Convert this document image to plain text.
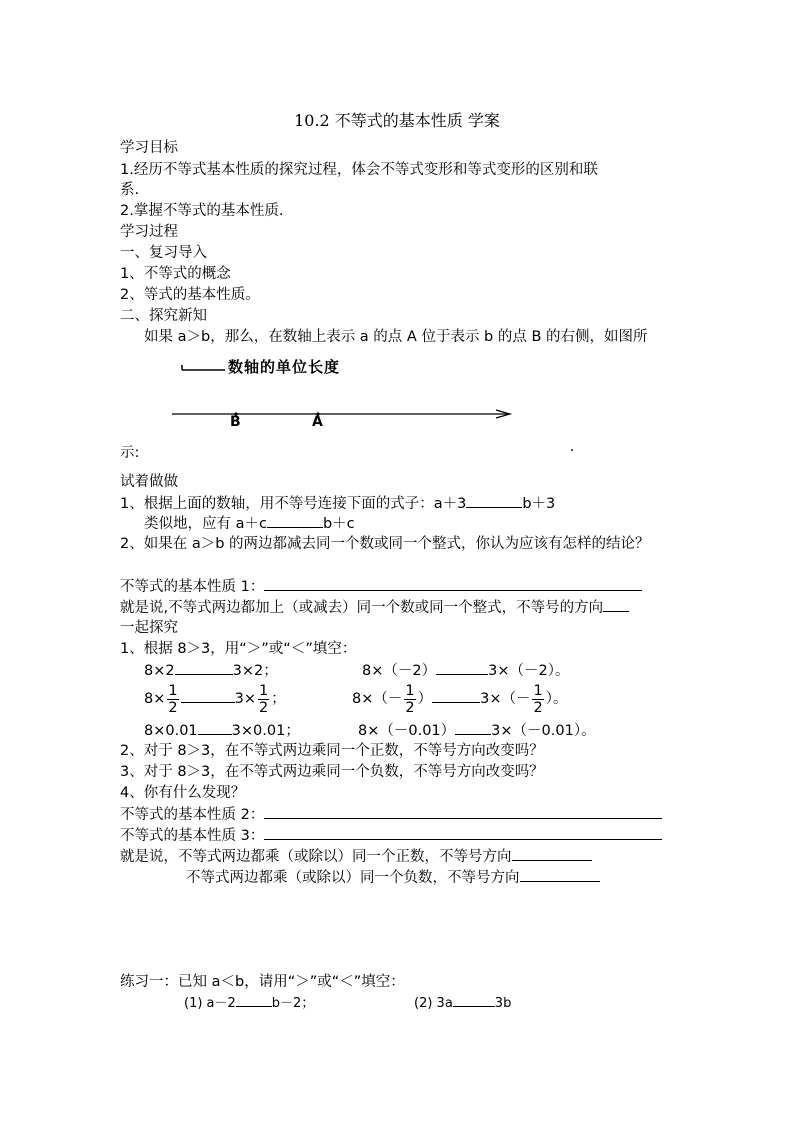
10.2 不等式的基本性质 学案
学习目标
1.经历不等式基本性质的探究过程，体会不等式变形和等式变形的区别和联
系.
2.掌握不等式的基本性质.
学习过程
一、复习导入
1、不等式的概念
2、等式的基本性质。
二、探究新知
如果 a＞b，那么，在数轴上表示 a 的点 A 位于表示 b 的点 B 的右侧，如图所
数轴的单位长度
B	A
示:
试着做做
1、根据上面的数轴，用不等号连接下面的式子：a＋3	b＋3
类似地，应有 a＋c	b＋c
2、如果在 a＞b 的两边都减去同一个数或同一个整式，你认为应该有怎样的结论？
不等式的基本性质 1：
就是说,不等式两边都加上（或减去）同一个数或同一个整式，不等号的方向
一起探究
1、根据 8＞3，用“＞”或“＜”填空：
8×2	3×2；	8×（－2）	3×（－2）。
$8\times \frac{1}{2}$	$3\times \frac{1}{2}$ ；	$8\times(- \frac{1}{2}$ ）	$3\times(- \frac{1}{2}$ ）。
8×0.01 3×0.01；	8×（－0.01） 3×（－0.01）。
2、对于 8＞3，在不等式两边乘同一个正数，不等号方向改变吗？
3、对于 8＞3，在不等式两边乘同一个负数，不等号方向改变吗？
4、你有什么发现？
不等式的基本性质 2：
不等式的基本性质 3：
就是说，不等式两边都乘（或除以）同一个正数，不等号方向
不等式两边都乘（或除以）同一个负数，不等号方向
练习一：已知 a＜b，请用“＞”或“＜”填空：
(1) a－2	b－2；	(2) 3a	3b
